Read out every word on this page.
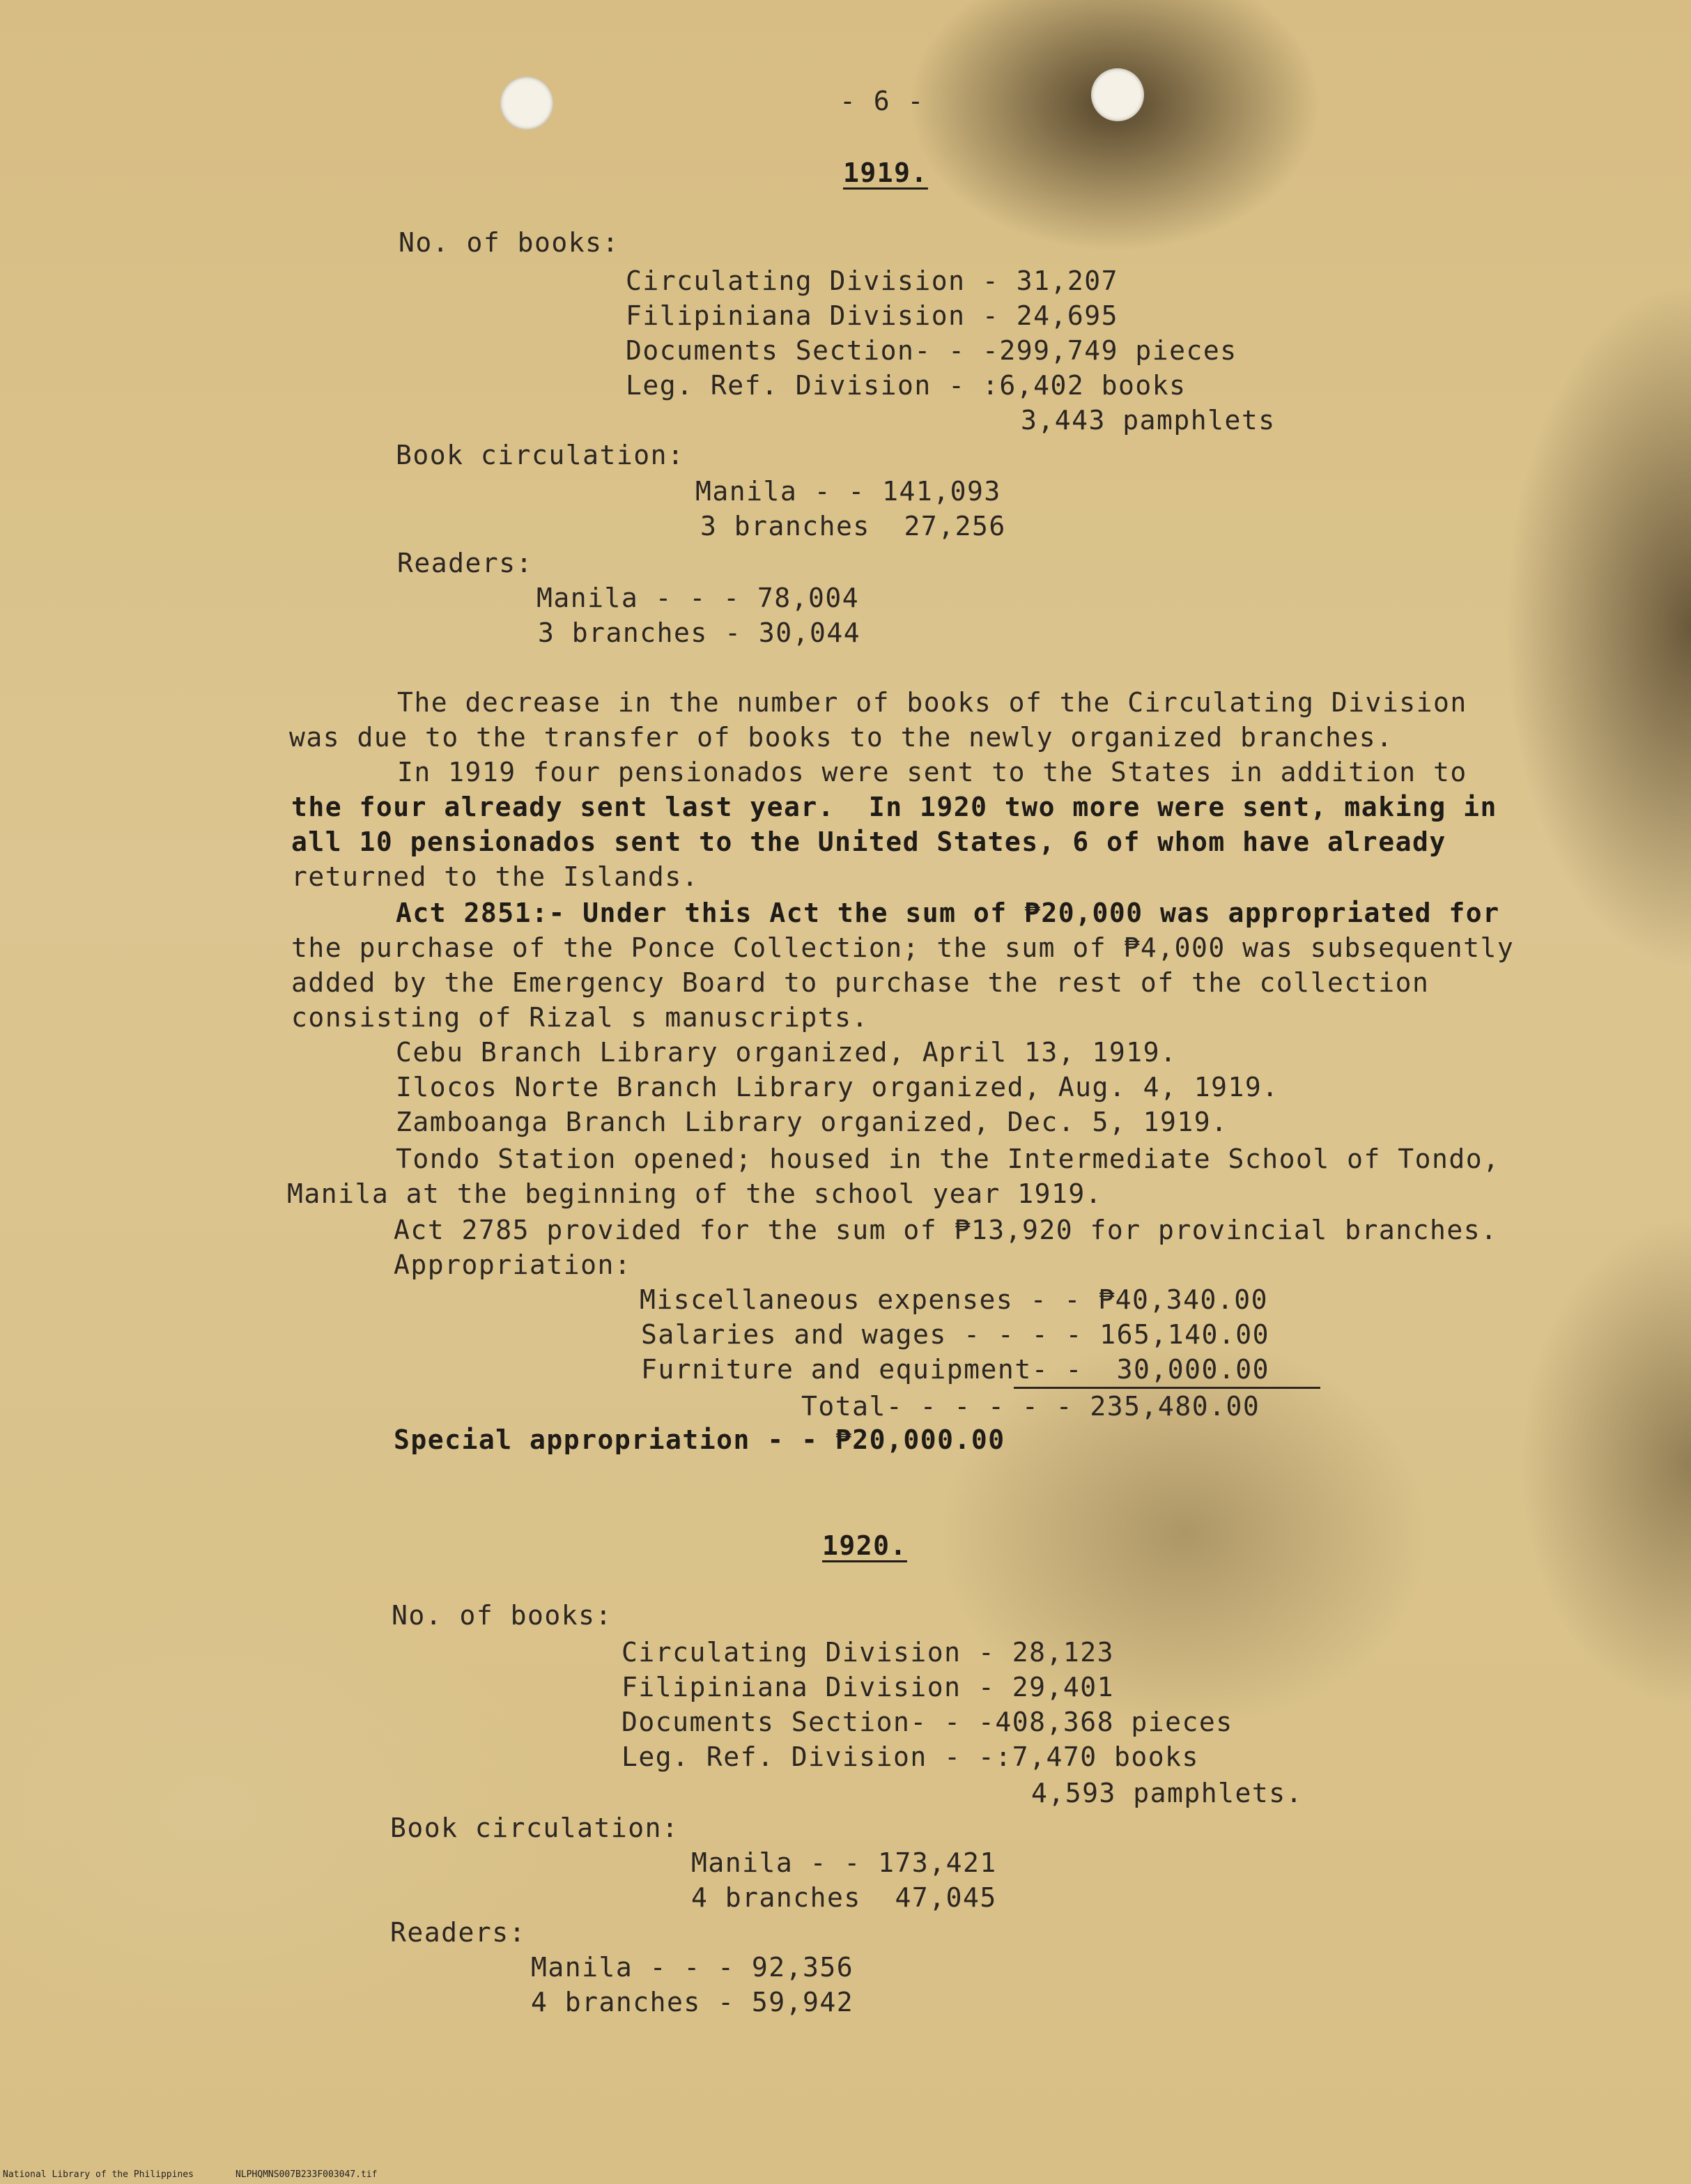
- 6 -
1919.
No. of books:
Circulating Division - 31,207
Filipiniana Division - 24,695
Documents Section- - -299,749 pieces
Leg. Ref. Division - :6,402 books
3,443 pamphlets
Book circulation:
Manila - - 141,093
3 branches  27,256
Readers:
Manila - - - 78,004
3 branches - 30,044
The decrease in the number of books of the Circulating Division
was due to the transfer of books to the newly organized branches.
In 1919 four pensionados were sent to the States in addition to
the four already sent last year.  In 1920 two more were sent, making in
all 10 pensionados sent to the United States, 6 of whom have already
returned to the Islands.
Act 2851:- Under this Act the sum of ₱20,000 was appropriated for
the purchase of the Ponce Collection; the sum of ₱4,000 was subsequently
added by the Emergency Board to purchase the rest of the collection
consisting of Rizal s manuscripts.
Cebu Branch Library organized, April 13, 1919.
Ilocos Norte Branch Library organized, Aug. 4, 1919.
Zamboanga Branch Library organized, Dec. 5, 1919.
Tondo Station opened; housed in the Intermediate School of Tondo,
Manila at the beginning of the school year 1919.
Act 2785 provided for the sum of ₱13,920 for provincial branches.
Appropriation:
Miscellaneous expenses - - ₱40,340.00
Salaries and wages - - - - 165,140.00
Furniture and equipment- -  30,000.00
Total- - - - - - 235,480.00
Special appropriation - - ₱20,000.00
1920.
No. of books:
Circulating Division - 28,123
Filipiniana Division - 29,401
Documents Section- - -408,368 pieces
Leg. Ref. Division - -:7,470 books
4,593 pamphlets.
Book circulation:
Manila - - 173,421
4 branches  47,045
Readers:
Manila - - - 92,356
4 branches - 59,942
National Library of the Philippines	NLPHQMNS007B233F003047.tif
